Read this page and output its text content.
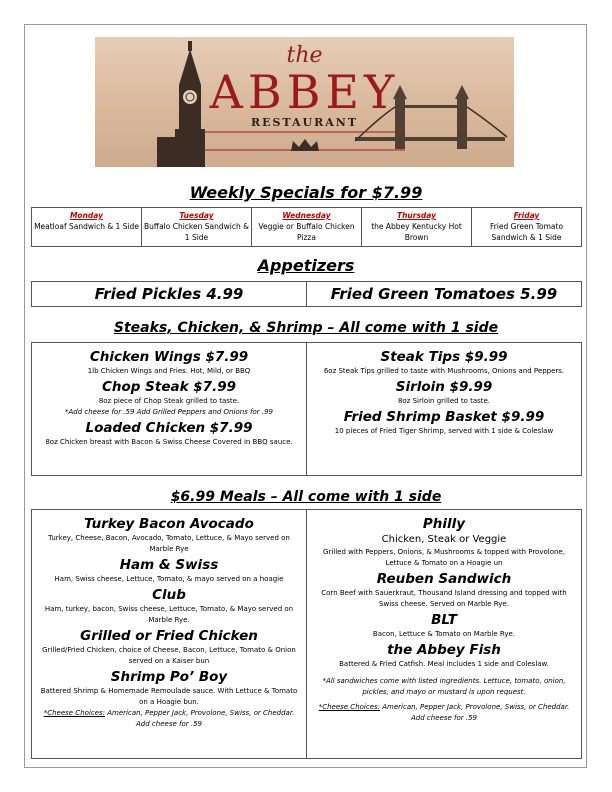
the
ABBEY
RESTAURANT
Weekly Specials for $7.99
Monday
Meatloaf Sandwich & 1 Side

Tuesday
Buffalo Chicken Sandwich & 1 Side

Wednesday
Veggie or Buffalo Chicken Pizza

Thursday
the Abbey Kentucky Hot Brown

Friday
Fried Green Tomato Sandwich & 1 Side
Appetizers
Fried Pickles 4.99	Fried Green Tomatoes 5.99
Steaks, Chicken, & Shrimp – All come with 1 side
Chicken Wings $7.99
1lb Chicken Wings and Fries. Hot, Mild, or BBQ
Chop Steak $7.99
8oz piece of Chop Steak grilled to taste.
*Add cheese for .59 Add Grilled Peppers and Onions for .99
Loaded Chicken $7.99
8oz Chicken breast with Bacon & Swiss Cheese Covered in BBQ sauce.
Steak Tips $9.99
6oz Steak Tips grilled to taste with Mushrooms, Onions and Peppers.
Sirloin $9.99
8oz Sirloin grilled to taste.
Fried Shrimp Basket $9.99
10 pieces of Fried Tiger Shrimp, served with 1 side & Coleslaw
$6.99 Meals – All come with 1 side
Turkey Bacon Avocado
Turkey, Cheese, Bacon, Avocado, Tomato, Lettuce, & Mayo served on Marble Rye
Ham & Swiss
Ham, Swiss cheese, Lettuce, Tomato, & mayo served on a hoagie
Club
Ham, turkey, bacon, Swiss cheese, Lettuce, Tomato, & Mayo served on Marble Rye.
Grilled or Fried Chicken
Grilled/Fried Chicken, choice of Cheese, Bacon, Lettuce, Tomato & Onion served on a Kaiser bun
Shrimp Po’ Boy
Battered Shrimp & Homemade Remoulade sauce. With Lettuce & Tomato on a Hoagie bun.
*Cheese Choices: American, Pepper Jack, Provolone, Swiss, or Cheddar. Add cheese for .59
Philly
Chicken, Steak or Veggie
Grilled with Peppers, Onions, & Mushrooms & topped with Provolone, Lettuce & Tomato on a Hoagie un
Reuben Sandwich
Corn Beef with Sauerkraut, Thousand Island dressing and topped with Swiss cheese. Served on Marble Rye.
BLT
Bacon, Lettuce & Tomato on Marble Rye.
the Abbey Fish
Battered & Fried Catfish. Meal includes 1 side and Coleslaw.
*All sandwiches come with listed ingredients. Lettuce, tomato, onion, pickles, and mayo or mustard is upon request.
*Cheese Choices: American, Pepper Jack, Provolone, Swiss, or Cheddar. Add cheese for .59
